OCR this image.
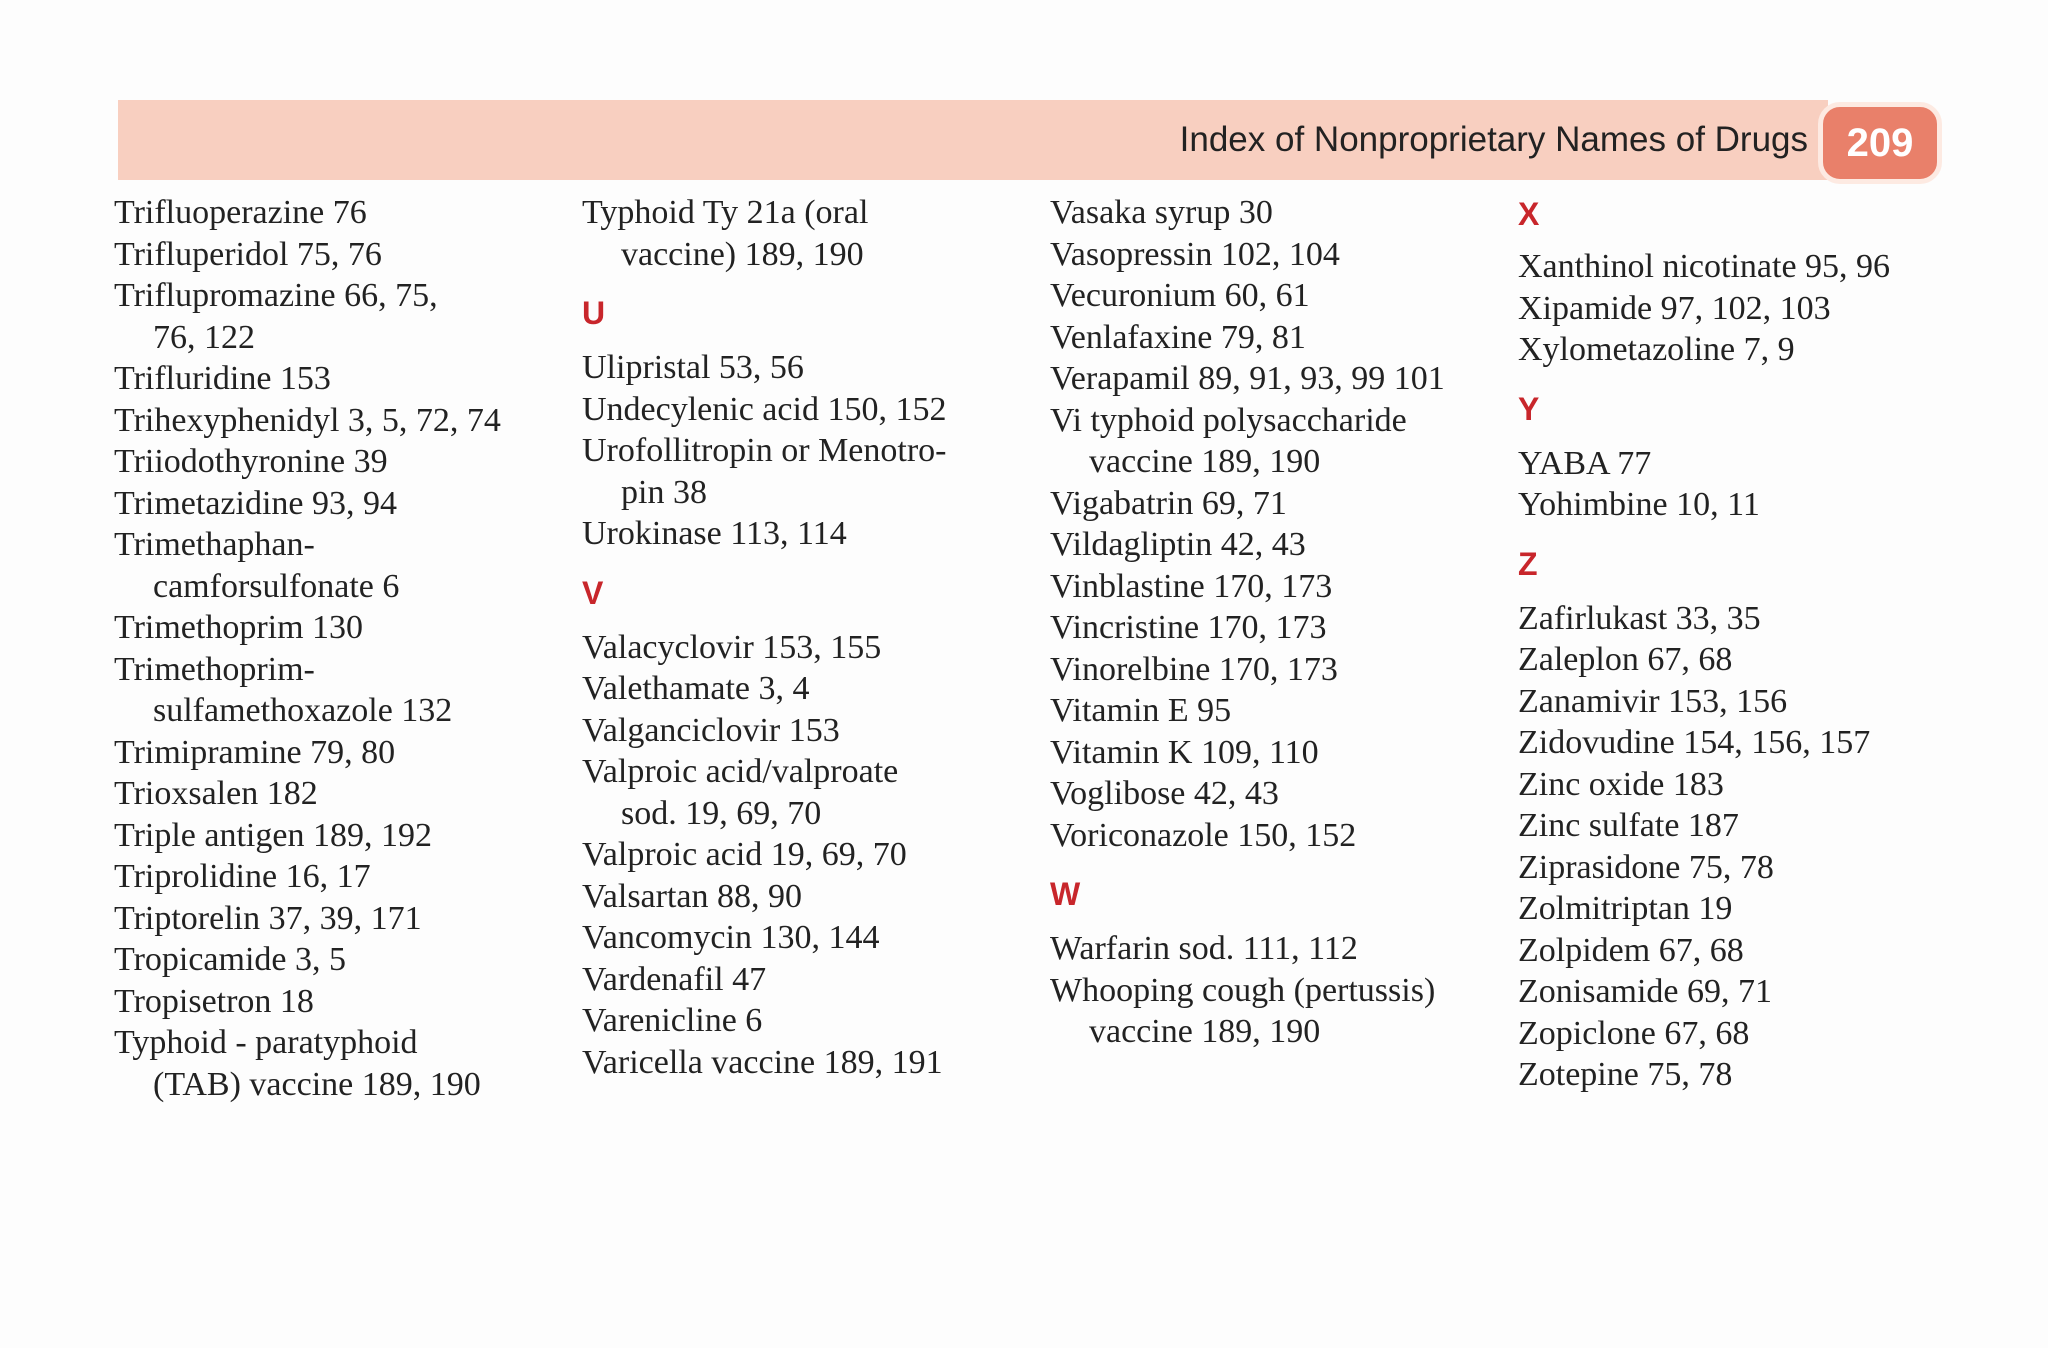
Index of Nonproprietary Names of Drugs 209
Trifluoperazine 76
Trifluperidol 75, 76
Triflupromazine 66, 75,
76, 122
Trifluridine 153
Trihexyphenidyl 3, 5, 72, 74
Triiodothyronine 39
Trimetazidine 93, 94
Trimethaphan-
camforsulfonate 6
Trimethoprim 130
Trimethoprim-
sulfamethoxazole 132
Trimipramine 79, 80
Trioxsalen 182
Triple antigen 189, 192
Triprolidine 16, 17
Triptorelin 37, 39, 171
Tropicamide 3, 5
Tropisetron 18
Typhoid - paratyphoid
(TAB) vaccine 189, 190
Typhoid Ty 21a (oral
vaccine) 189, 190
U
Ulipristal 53, 56
Undecylenic acid 150, 152
Urofollitropin or Menotro-
pin 38
Urokinase 113, 114
V
Valacyclovir 153, 155
Valethamate 3, 4
Valganciclovir 153
Valproic acid/valproate
sod. 19, 69, 70
Valproic acid 19, 69, 70
Valsartan 88, 90
Vancomycin 130, 144
Vardenafil 47
Varenicline 6
Varicella vaccine 189, 191
Vasaka syrup 30
Vasopressin 102, 104
Vecuronium 60, 61
Venlafaxine 79, 81
Verapamil 89, 91, 93, 99 101
Vi typhoid polysaccharide
vaccine 189, 190
Vigabatrin 69, 71
Vildagliptin 42, 43
Vinblastine 170, 173
Vincristine 170, 173
Vinorelbine 170, 173
Vitamin E 95
Vitamin K 109, 110
Voglibose 42, 43
Voriconazole 150, 152
W
Warfarin sod. 111, 112
Whooping cough (pertussis)
vaccine 189, 190
X
Xanthinol nicotinate 95, 96
Xipamide 97, 102, 103
Xylometazoline 7, 9
Y
YABA 77
Yohimbine 10, 11
Z
Zafirlukast 33, 35
Zaleplon 67, 68
Zanamivir 153, 156
Zidovudine 154, 156, 157
Zinc oxide 183
Zinc sulfate 187
Ziprasidone 75, 78
Zolmitriptan 19
Zolpidem 67, 68
Zonisamide 69, 71
Zopiclone 67, 68
Zotepine 75, 78
